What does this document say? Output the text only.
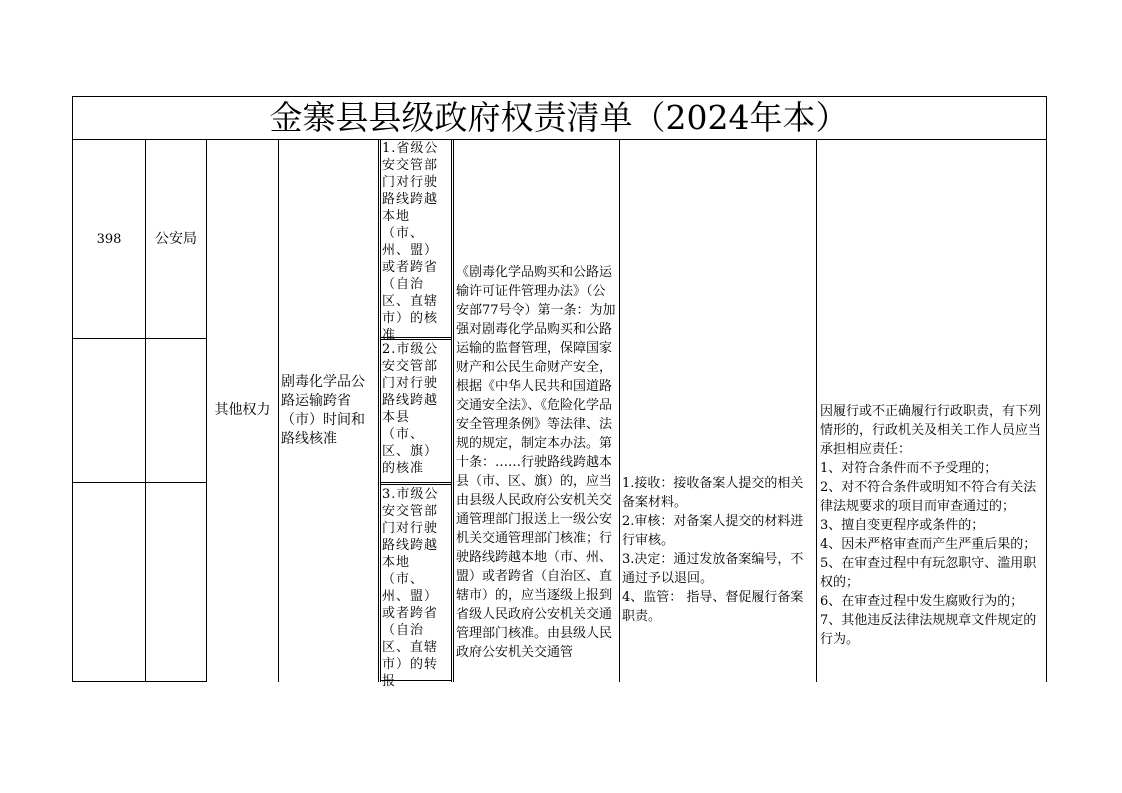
金寨县县级政府权责清单（2024年本）
398	公安局
其他权力
剧毒化学品公路运输跨省（市）时间和路线核准
1.省级公安交管部门对行驶路线跨越本地（市、州、盟）或者跨省（自治区、直辖市）的核准
2.市级公安交管部门对行驶路线跨越本县（市、区、旗）的核准
3.市级公安交管部门对行驶路线跨越本地（市、州、盟）或者跨省（自治区、直辖市）的转报
《剧毒化学品购买和公路运输许可证件管理办法》（公安部77号令）第一条：为加强对剧毒化学品购买和公路运输的监督管理，保障国家财产和公民生命财产安全，根据《中华人民共和国道路交通安全法》、《危险化学品安全管理条例》等法律、法规的规定，制定本办法。第十条：……行驶路线跨越本县（市、区、旗）的，应当由县级人民政府公安机关交通管理部门报送上一级公安机关交通管理部门核准；行驶路线跨越本地（市、州、盟）或者跨省（自治区、直辖市）的，应当逐级上报到省级人民政府公安机关交通管理部门核准。由县级人民政府公安机关交通管
1.接收：接收备案人提交的相关备案材料。
2.审核：对备案人提交的材料进行审核。
3.决定：通过发放备案编号，不通过予以退回。
4、监管： 指导、督促履行备案职责。
因履行或不正确履行行政职责，有下列情形的，行政机关及相关工作人员应当承担相应责任：
1、对符合条件而不予受理的；
2、对不符合条件或明知不符合有关法律法规要求的项目而审查通过的；
3、擅自变更程序或条件的；
4、因未严格审查而产生严重后果的；
5、在审查过程中有玩忽职守、滥用职权的；
6、在审查过程中发生腐败行为的；
7、其他违反法律法规规章文件规定的行为。
